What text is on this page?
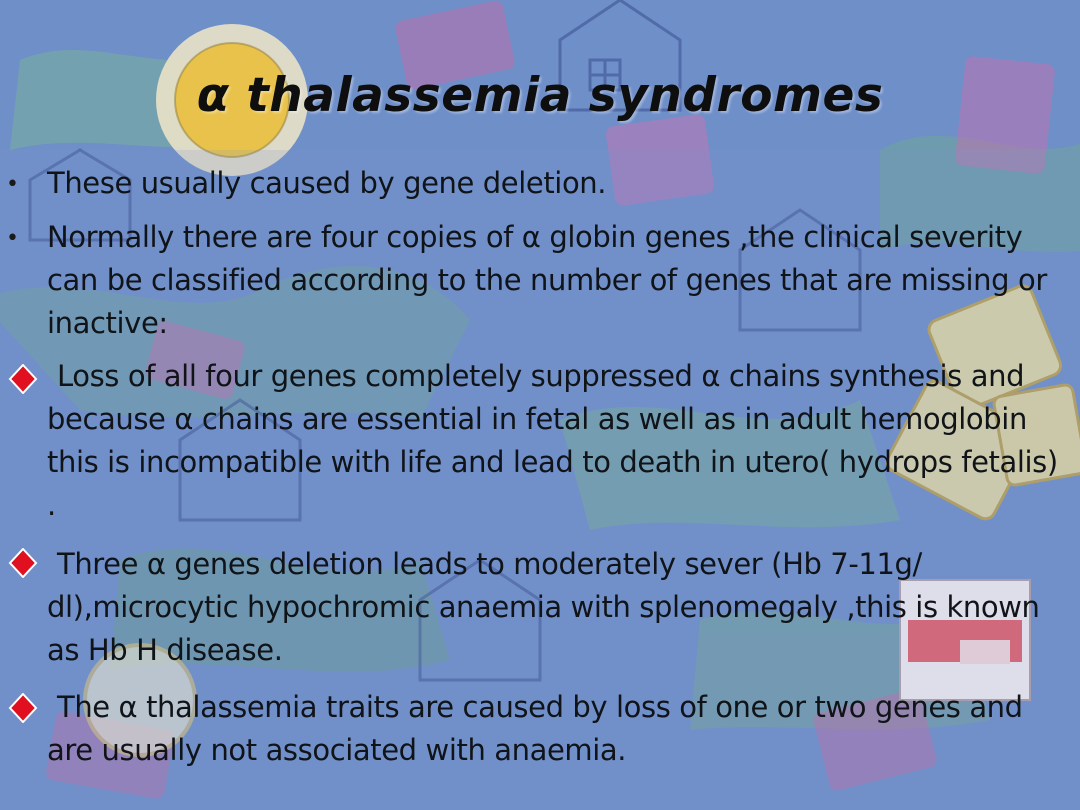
α thalassemia syndromes
• These usually caused by gene deletion.

• Normally there are four copies of α globin genes ,the clinical severity can be classified according to the number of genes that are missing or inactive:

Loss of all four genes completely suppressed α chains synthesis and because α chains are essential in fetal as well as in adult hemoglobin this is incompatible with life and lead to death in utero( hydrops fetalis) .

Three α genes deletion leads to moderately sever (Hb 7-11g/ dl),microcytic hypochromic anaemia with splenomegaly ,this is known as Hb H disease.

The α thalassemia traits are caused by loss of one or two genes and are usually not associated with anaemia.
